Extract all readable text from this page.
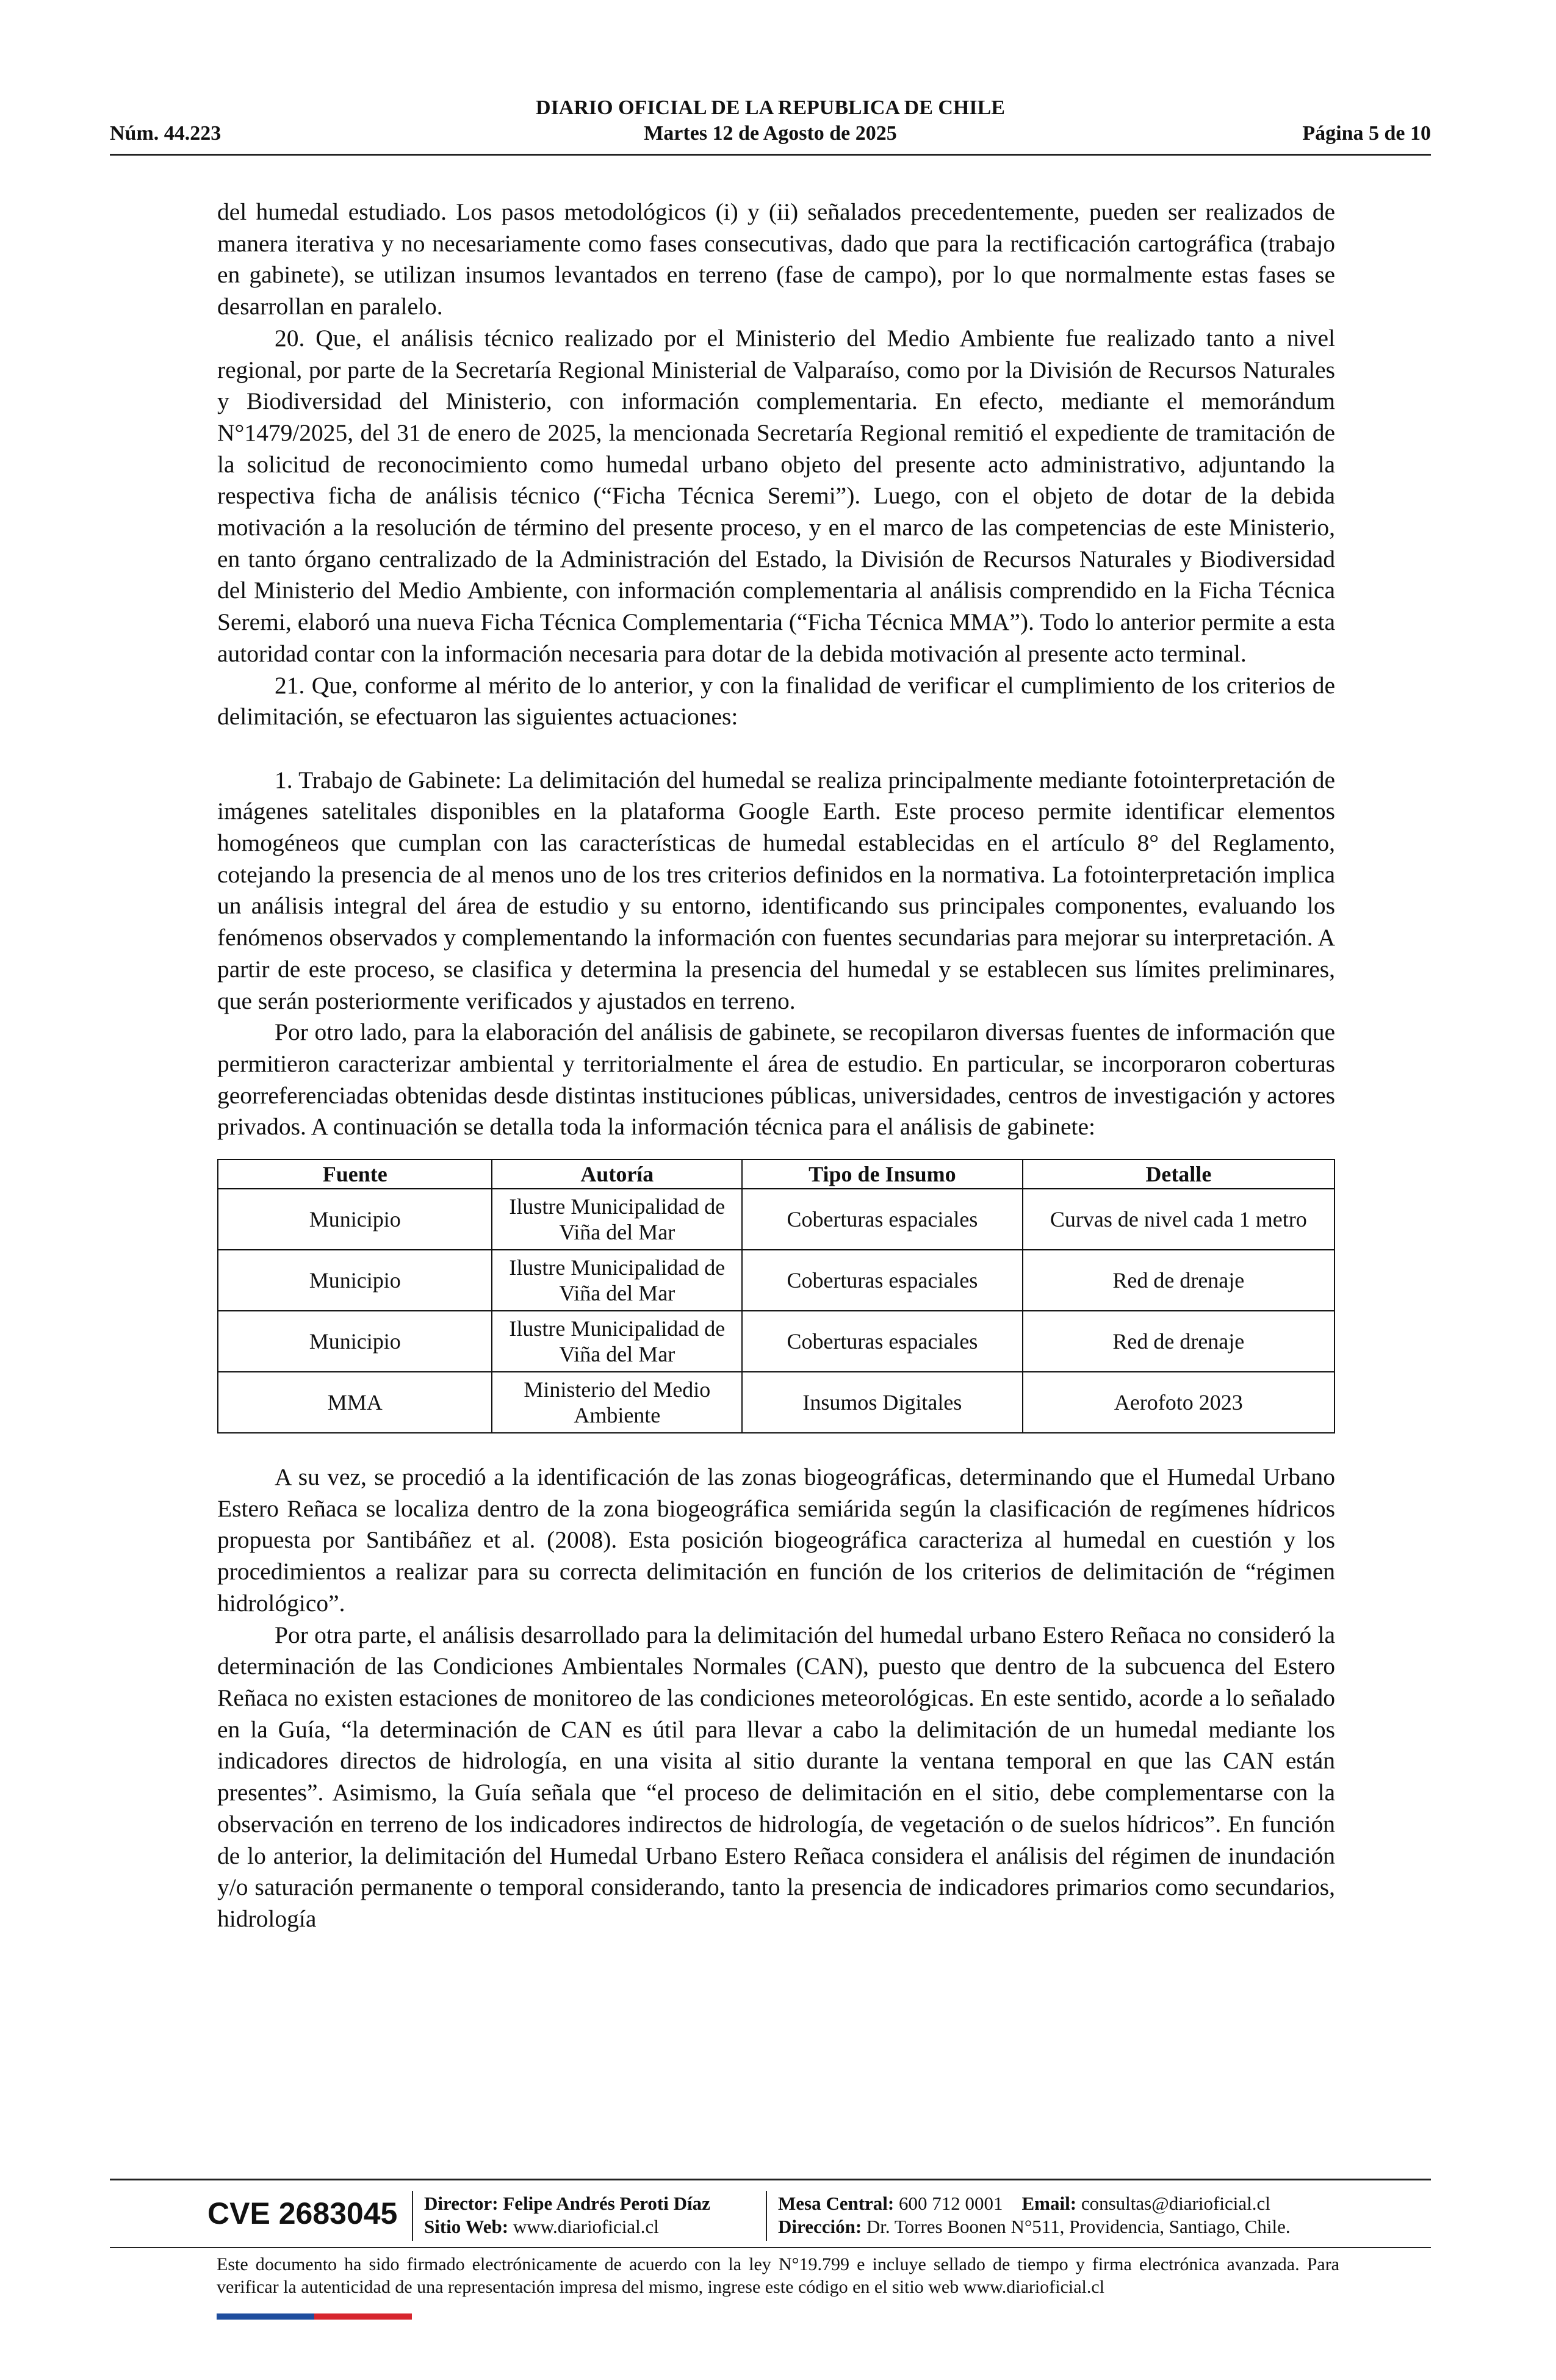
DIARIO OFICIAL DE LA REPUBLICA DE CHILE
Núm. 44.223	Martes 12 de Agosto de 2025	Página 5 de 10

del humedal estudiado. Los pasos metodológicos (i) y (ii) señalados precedentemente, pueden ser realizados de manera iterativa y no necesariamente como fases consecutivas, dado que para la rectificación cartográfica (trabajo en gabinete), se utilizan insumos levantados en terreno (fase de campo), por lo que normalmente estas fases se desarrollan en paralelo.

20. Que, el análisis técnico realizado por el Ministerio del Medio Ambiente fue realizado tanto a nivel regional, por parte de la Secretaría Regional Ministerial de Valparaíso, como por la División de Recursos Naturales y Biodiversidad del Ministerio, con información complementaria. En efecto, mediante el memorándum N°1479/2025, del 31 de enero de 2025, la mencionada Secretaría Regional remitió el expediente de tramitación de la solicitud de reconocimiento como humedal urbano objeto del presente acto administrativo, adjuntando la respectiva ficha de análisis técnico (“Ficha Técnica Seremi”). Luego, con el objeto de dotar de la debida motivación a la resolución de término del presente proceso, y en el marco de las competencias de este Ministerio, en tanto órgano centralizado de la Administración del Estado, la División de Recursos Naturales y Biodiversidad del Ministerio del Medio Ambiente, con información complementaria al análisis comprendido en la Ficha Técnica Seremi, elaboró una nueva Ficha Técnica Complementaria (“Ficha Técnica MMA”). Todo lo anterior permite a esta autoridad contar con la información necesaria para dotar de la debida motivación al presente acto terminal.

21. Que, conforme al mérito de lo anterior, y con la finalidad de verificar el cumplimiento de los criterios de delimitación, se efectuaron las siguientes actuaciones:

1. Trabajo de Gabinete: La delimitación del humedal se realiza principalmente mediante fotointerpretación de imágenes satelitales disponibles en la plataforma Google Earth. Este proceso permite identificar elementos homogéneos que cumplan con las características de humedal establecidas en el artículo 8° del Reglamento, cotejando la presencia de al menos uno de los tres criterios definidos en la normativa. La fotointerpretación implica un análisis integral del área de estudio y su entorno, identificando sus principales componentes, evaluando los fenómenos observados y complementando la información con fuentes secundarias para mejorar su interpretación. A partir de este proceso, se clasifica y determina la presencia del humedal y se establecen sus límites preliminares, que serán posteriormente verificados y ajustados en terreno.

Por otro lado, para la elaboración del análisis de gabinete, se recopilaron diversas fuentes de información que permitieron caracterizar ambiental y territorialmente el área de estudio. En particular, se incorporaron coberturas georreferenciadas obtenidas desde distintas instituciones públicas, universidades, centros de investigación y actores privados. A continuación se detalla toda la información técnica para el análisis de gabinete:

Fuente	Autoría	Tipo de Insumo	Detalle
Municipio	Ilustre Municipalidad de Viña del Mar	Coberturas espaciales	Curvas de nivel cada 1 metro
Municipio	Ilustre Municipalidad de Viña del Mar	Coberturas espaciales	Red de drenaje
Municipio	Ilustre Municipalidad de Viña del Mar	Coberturas espaciales	Red de drenaje
MMA	Ministerio del Medio Ambiente	Insumos Digitales	Aerofoto 2023

A su vez, se procedió a la identificación de las zonas biogeográficas, determinando que el Humedal Urbano Estero Reñaca se localiza dentro de la zona biogeográfica semiárida según la clasificación de regímenes hídricos propuesta por Santibáñez et al. (2008). Esta posición biogeográfica caracteriza al humedal en cuestión y los procedimientos a realizar para su correcta delimitación en función de los criterios de delimitación de “régimen hidrológico”.

Por otra parte, el análisis desarrollado para la delimitación del humedal urbano Estero Reñaca no consideró la determinación de las Condiciones Ambientales Normales (CAN), puesto que dentro de la subcuenca del Estero Reñaca no existen estaciones de monitoreo de las condiciones meteorológicas. En este sentido, acorde a lo señalado en la Guía, “la determinación de CAN es útil para llevar a cabo la delimitación de un humedal mediante los indicadores directos de hidrología, en una visita al sitio durante la ventana temporal en que las CAN están presentes”. Asimismo, la Guía señala que “el proceso de delimitación en el sitio, debe complementarse con la observación en terreno de los indicadores indirectos de hidrología, de vegetación o de suelos hídricos”. En función de lo anterior, la delimitación del Humedal Urbano Estero Reñaca considera el análisis del régimen de inundación y/o saturación permanente o temporal considerando, tanto la presencia de indicadores primarios como secundarios, hidrología

CVE 2683045 Director: Felipe Andrés Peroti Díaz
Sitio Web: www.diarioficial.cl
Mesa Central: 600 712 0001 Email: consultas@diarioficial.cl
Dirección: Dr. Torres Boonen N°511, Providencia, Santiago, Chile.
Este documento ha sido firmado electrónicamente de acuerdo con la ley N°19.799 e incluye sellado de tiempo y firma electrónica avanzada. Para verificar la autenticidad de una representación impresa del mismo, ingrese este código en el sitio web www.diarioficial.cl
